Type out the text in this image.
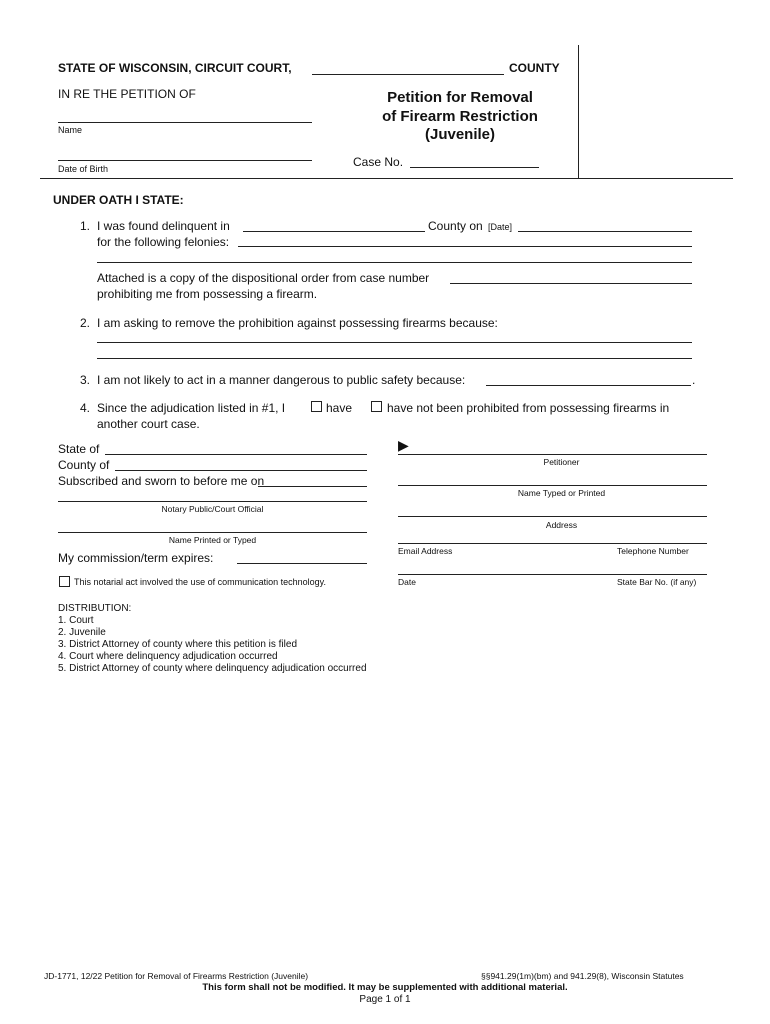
STATE OF WISCONSIN, CIRCUIT COURT,	COUNTY
IN RE THE PETITION OF
Name
Date of Birth
Petition for Removal
of Firearm Restriction
(Juvenile)
Case No.
UNDER OATH I STATE:
1. I was found delinquent in	County on [Date]
for the following felonies:
Attached is a copy of the dispositional order from case number
prohibiting me from possessing a firearm.
2. I am asking to remove the prohibition against possessing firearms because:
3. I am not likely to act in a manner dangerous to public safety because:	.
4. Since the adjudication listed in #1, I	have	have not been prohibited from possessing firearms in
another court case.
State of
County of
Subscribed and sworn to before me on
Notary Public/Court Official
Name Printed or Typed
My commission/term expires:
This notarial act involved the use of communication technology.
▶
Petitioner
Name Typed or Printed
Address
Email Address	Telephone Number
Date	State Bar No. (if any)
DISTRIBUTION:
1. Court
2. Juvenile
3. District Attorney of county where this petition is filed
4. Court where delinquency adjudication occurred
5. District Attorney of county where delinquency adjudication occurred
JD-1771, 12/22 Petition for Removal of Firearms Restriction (Juvenile)	§§941.29(1m)(bm) and 941.29(8), Wisconsin Statutes
This form shall not be modified. It may be supplemented with additional material.
Page 1 of 1
